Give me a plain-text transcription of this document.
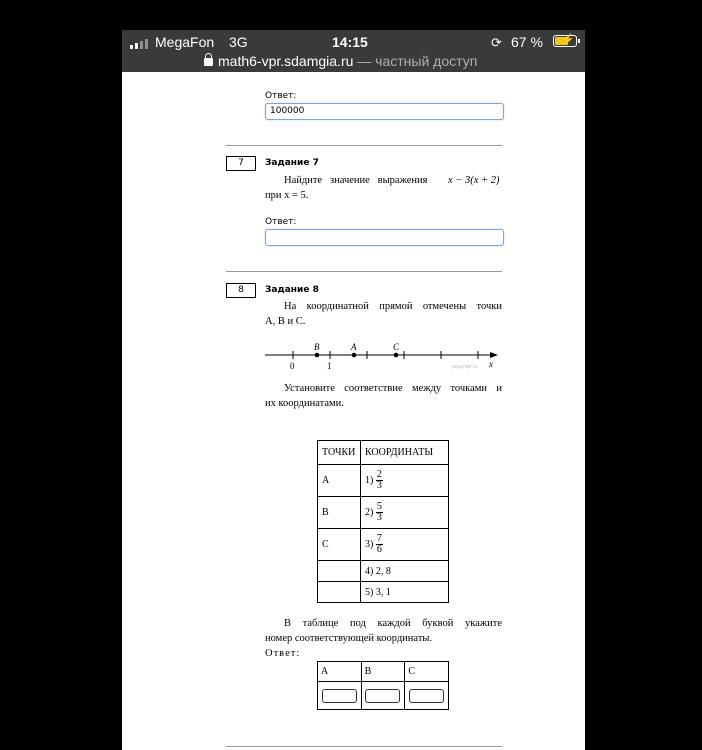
MegaFon 3G	14:15	⟳ 67 % ⚡
math6-vpr.sdamgia.ru — частный доступ
Ответ:
100000
7	Задание 7
Найдите   значение   выражения	x − 3(x + 2)
при x = 5.
Ответ:
8	Задание 8
На координатной прямой отмечены точки
A, B и C.
B	A	C
0	1	x
решу.vpr.ru
Установите соответствие между точками и
их координатами.
ТОЧКИ	КООРДИНАТЫ
A	$1) \frac{2}{3}$

B	$2) \frac{5}{3}$

C	$3) \frac{7}{6}$

	4) 2, 8
	5) 3, 1
В таблице под каждой буквой укажите
номер соответствующей координаты.
Ответ:
A	B	C
